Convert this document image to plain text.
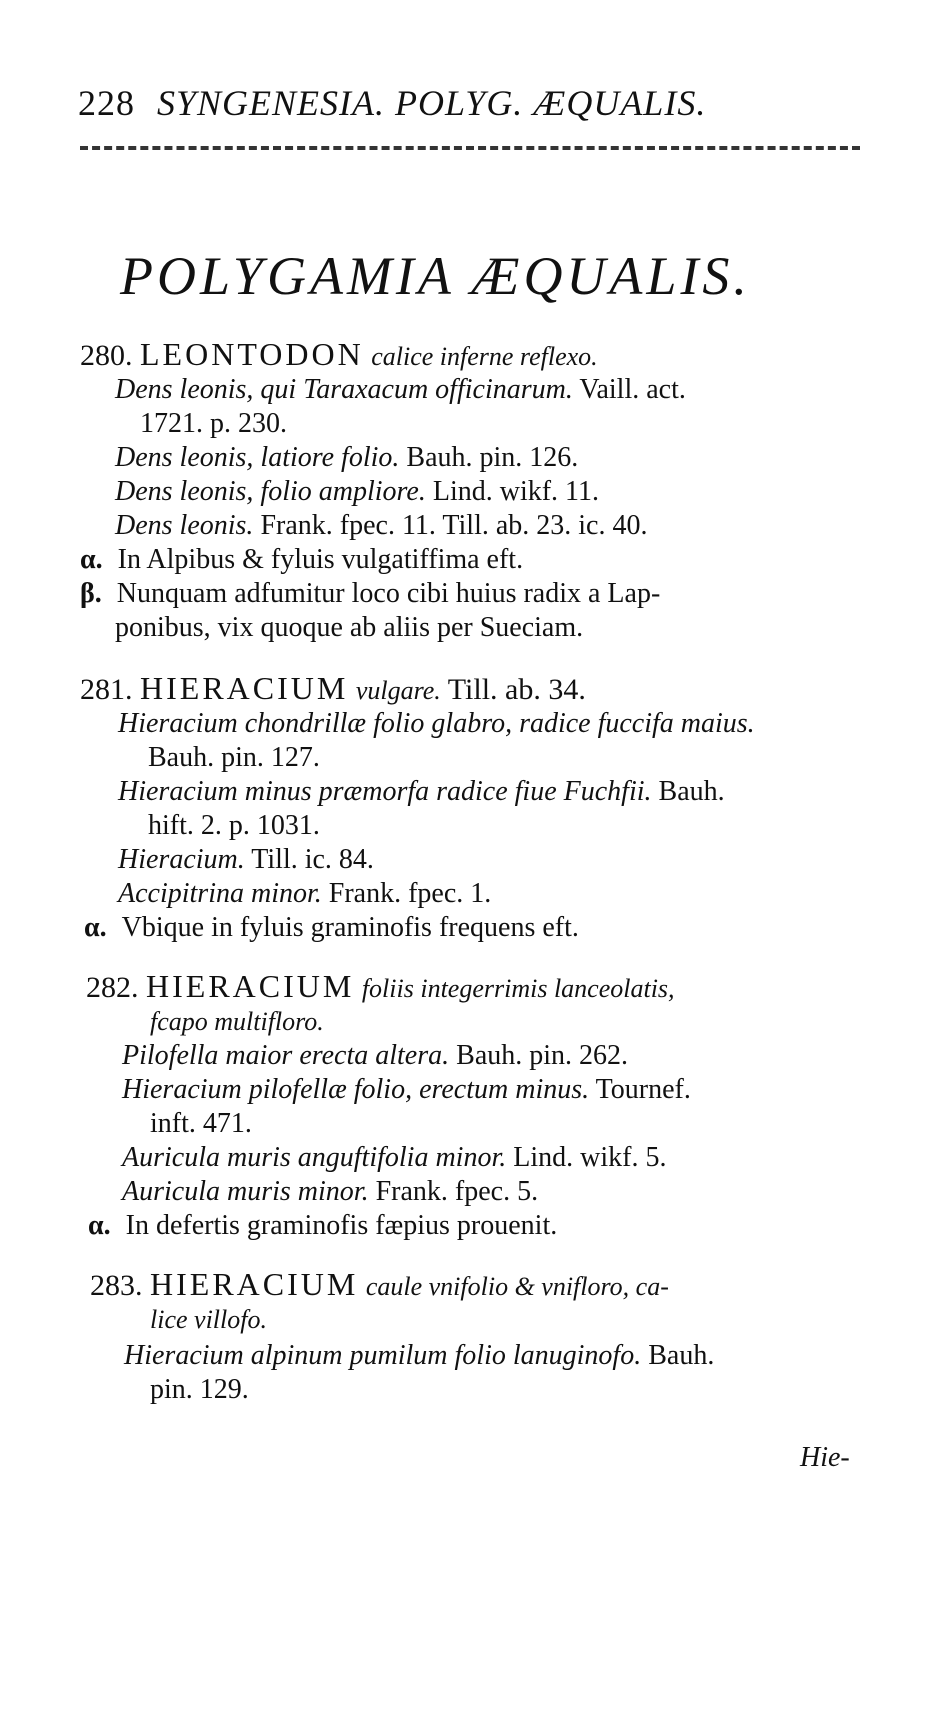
228 SYNGENESIA. POLYG. ÆQUALIS.
POLYGAMIA ÆQUALIS.
280. LEONTODON calice inferne reflexo.
Dens leonis, qui Taraxacum officinarum. Vaill. act.
1721. p. 230.
Dens leonis, latiore folio. Bauh. pin. 126.
Dens leonis, folio ampliore. Lind. wikf. 11.
Dens leonis. Frank. fpec. 11. Till. ab. 23. ic. 40.
α. In Alpibus & fyluis vulgatiffima eft.
β. Nunquam adfumitur loco cibi huius radix a Lap-
ponibus, vix quoque ab aliis per Sueciam.
281. HIERACIUM vulgare. Till. ab. 34.
Hieracium chondrillæ folio glabro, radice fuccifa maius.
Bauh. pin. 127.
Hieracium minus præmorfa radice fiue Fuchfii. Bauh.
hift. 2. p. 1031.
Hieracium. Till. ic. 84.
Accipitrina minor. Frank. fpec. 1.
α. Vbique in fyluis graminofis frequens eft.
282. HIERACIUM foliis integerrimis lanceolatis,
fcapo multifloro.
Pilofella maior erecta altera. Bauh. pin. 262.
Hieracium pilofellæ folio, erectum minus. Tournef.
inft. 471.
Auricula muris anguftifolia minor. Lind. wikf. 5.
Auricula muris minor. Frank. fpec. 5.
α. In defertis graminofis fæpius prouenit.
283. HIERACIUM caule vnifolio & vnifloro, ca-
lice villofo.
Hieracium alpinum pumilum folio lanuginofo. Bauh.
pin. 129.
Hie-
